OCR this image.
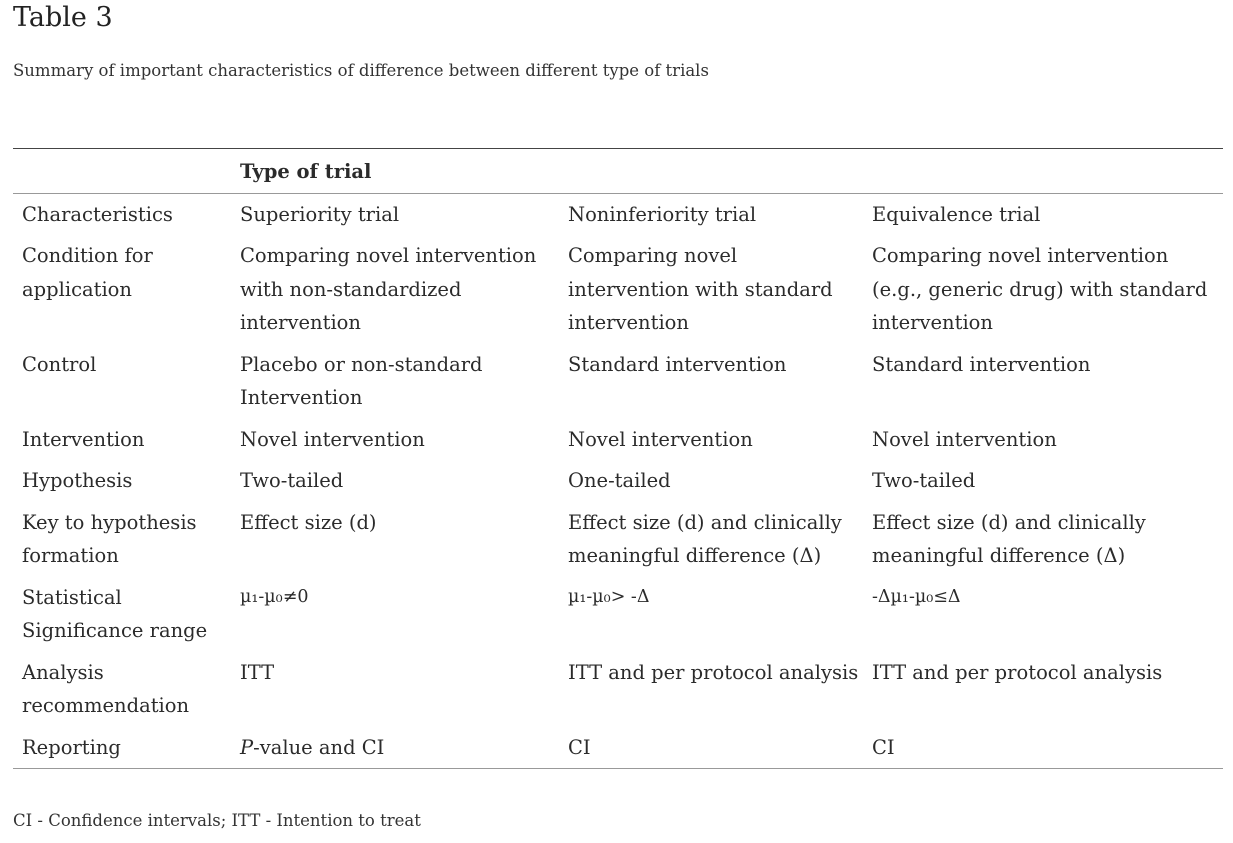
Table 3

Summary of important characteristics of difference between different type of trials

	Type of trial		
Characteristics	Superiority trial	Noninferiority trial	Equivalence trial
Condition for application	Comparing novel intervention with non-standardized intervention	Comparing novel intervention with standard intervention	Comparing novel intervention (e.g., generic drug) with standard intervention
Control	Placebo or non-standard Intervention	Standard intervention	Standard intervention
Intervention	Novel intervention	Novel intervention	Novel intervention
Hypothesis	Two-tailed	One-tailed	Two-tailed
Key to hypothesis formation	Effect size (d)	Effect size (d) and clinically meaningful difference (Δ)	Effect size (d) and clinically meaningful difference (Δ)
Statistical Significance range	µ₁-µ₀≠0	µ₁-µ₀> -Δ	-Δµ₁-µ₀≤Δ
Analysis recommendation	ITT	ITT and per protocol analysis	ITT and per protocol analysis
Reporting	P-value and CI	CI	CI

CI - Confidence intervals; ITT - Intention to treat
